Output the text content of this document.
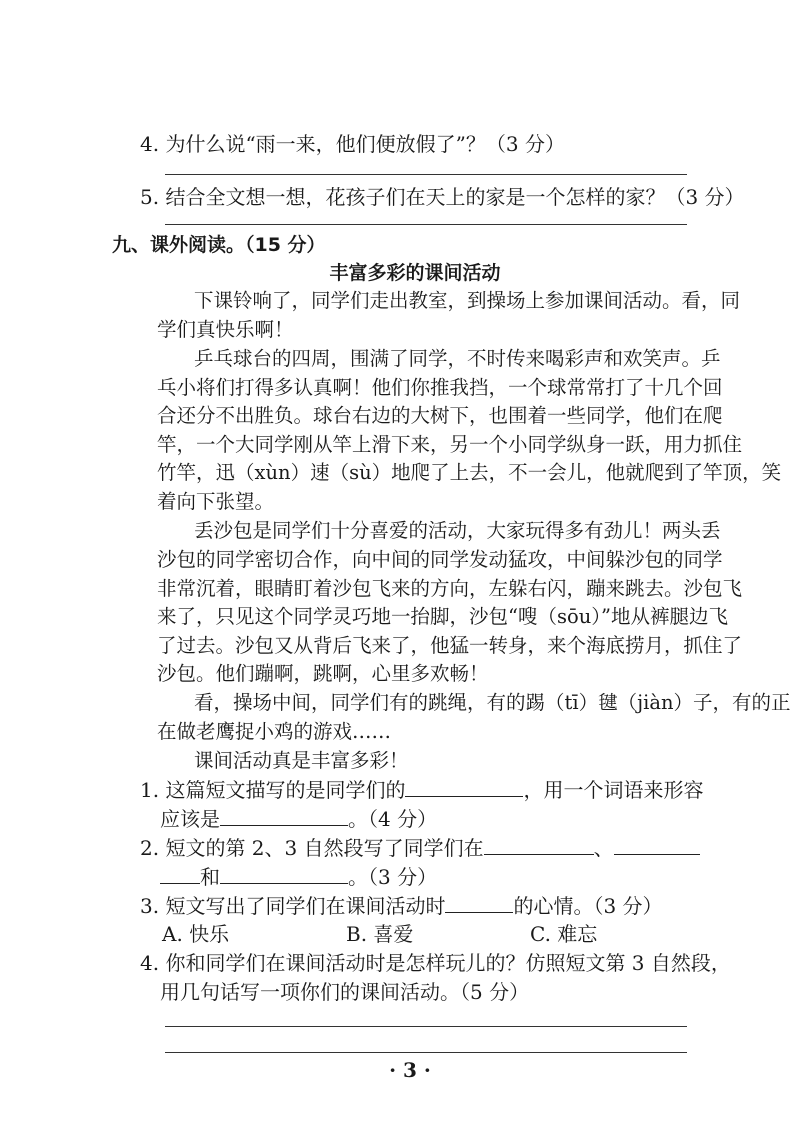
4. 为什么说“雨一来，他们便放假了”？（3 分）
5. 结合全文想一想，花孩子们在天上的家是一个怎样的家？（3 分）
九、课外阅读。（15 分）
丰富多彩的课间活动
下课铃响了，同学们走出教室，到操场上参加课间活动。看，同
学们真快乐啊！
乒乓球台的四周，围满了同学，不时传来喝彩声和欢笑声。乒
乓小将们打得多认真啊！他们你推我挡，一个球常常打了十几个回
合还分不出胜负。球台右边的大树下，也围着一些同学，他们在爬
竿，一个大同学刚从竿上滑下来，另一个小同学纵身一跃，用力抓住
竹竿，迅（xùn）速（sù）地爬了上去，不一会儿，他就爬到了竿顶，笑
着向下张望。
丢沙包是同学们十分喜爱的活动，大家玩得多有劲儿！两头丢
沙包的同学密切合作，向中间的同学发动猛攻，中间躲沙包的同学
非常沉着，眼睛盯着沙包飞来的方向，左躲右闪，蹦来跳去。沙包飞
来了，只见这个同学灵巧地一抬脚，沙包“嗖（sōu）”地从裤腿边飞
了过去。沙包又从背后飞来了，他猛一转身，来个海底捞月，抓住了
沙包。他们蹦啊，跳啊，心里多欢畅！
看，操场中间，同学们有的跳绳，有的踢（tī）毽（jiàn）子，有的正
在做老鹰捉小鸡的游戏……
课间活动真是丰富多彩！
1. 这篇短文描写的是同学们的	，用一个词语来形容
应该是	。（4 分）
2. 短文的第 2、3 自然段写了同学们在	、
和	。（3 分）
3. 短文写出了同学们在课间活动时	的心情。（3 分）
A. 快乐	B. 喜爱	C. 难忘
4. 你和同学们在课间活动时是怎样玩儿的？仿照短文第 3 自然段，
用几句话写一项你们的课间活动。（5 分）
· 3 ·
